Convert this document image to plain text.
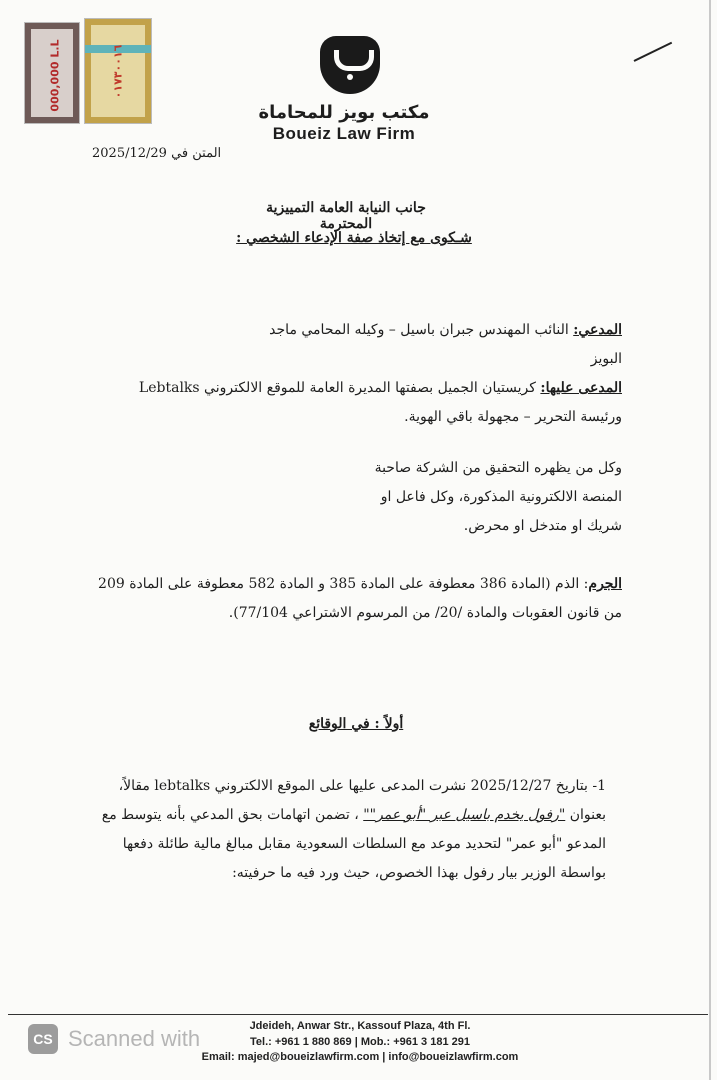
000,000 L.L	٠١٧٣٠٠١٦
مكتب بويز للمحاماة
Boueiz Law Firm
المتن في 2025/12/29
جانب النيابة العامة التمييزية المحترمة
شـكوى مع إتخاذ صفة الإدعاء الشخصي :
المدعي: النائب المهندس جبران باسيل – وكيله المحامي ماجد البويز
المدعى عليها: كريستيان الجميل بصفتها المديرة العامة للموقع الالكتروني Lebtalks ورئيسة التحرير – مجهولة باقي الهوية.
وكل من يظهره التحقيق من الشركة صاحبة المنصة الالكترونية المذكورة، وكل فاعل او شريك او متدخل او محرض.
الجرم: الذم (المادة 386 معطوفة على المادة 385 و المادة 582 معطوفة على المادة 209 من قانون العقوبات والمادة /20/ من المرسوم الاشتراعي 77/104).
أولاً : في الوقائع
1- بتاريخ 2025/12/27 نشرت المدعى عليها على الموقع الالكتروني lebtalks مقالاً، بعنوان "رفول يخدم باسيل عبر "أبو عمر"" ، تضمن اتهامات بحق المدعي بأنه يتوسط مع المدعو "أبو عمر" لتحديد موعد مع السلطات السعودية مقابل مبالغ مالية طائلة دفعها بواسطة الوزير بيار رفول بهذا الخصوص، حيث ورد فيه ما حرفيته:
CS Scanned with	Jdeideh, Anwar Str., Kassouf Plaza, 4th Fl.
Tel.: +961 1 880 869 | Mob.: +961 3 181 291
Email: majed@boueizlawfirm.com | info@boueizlawfirm.com
